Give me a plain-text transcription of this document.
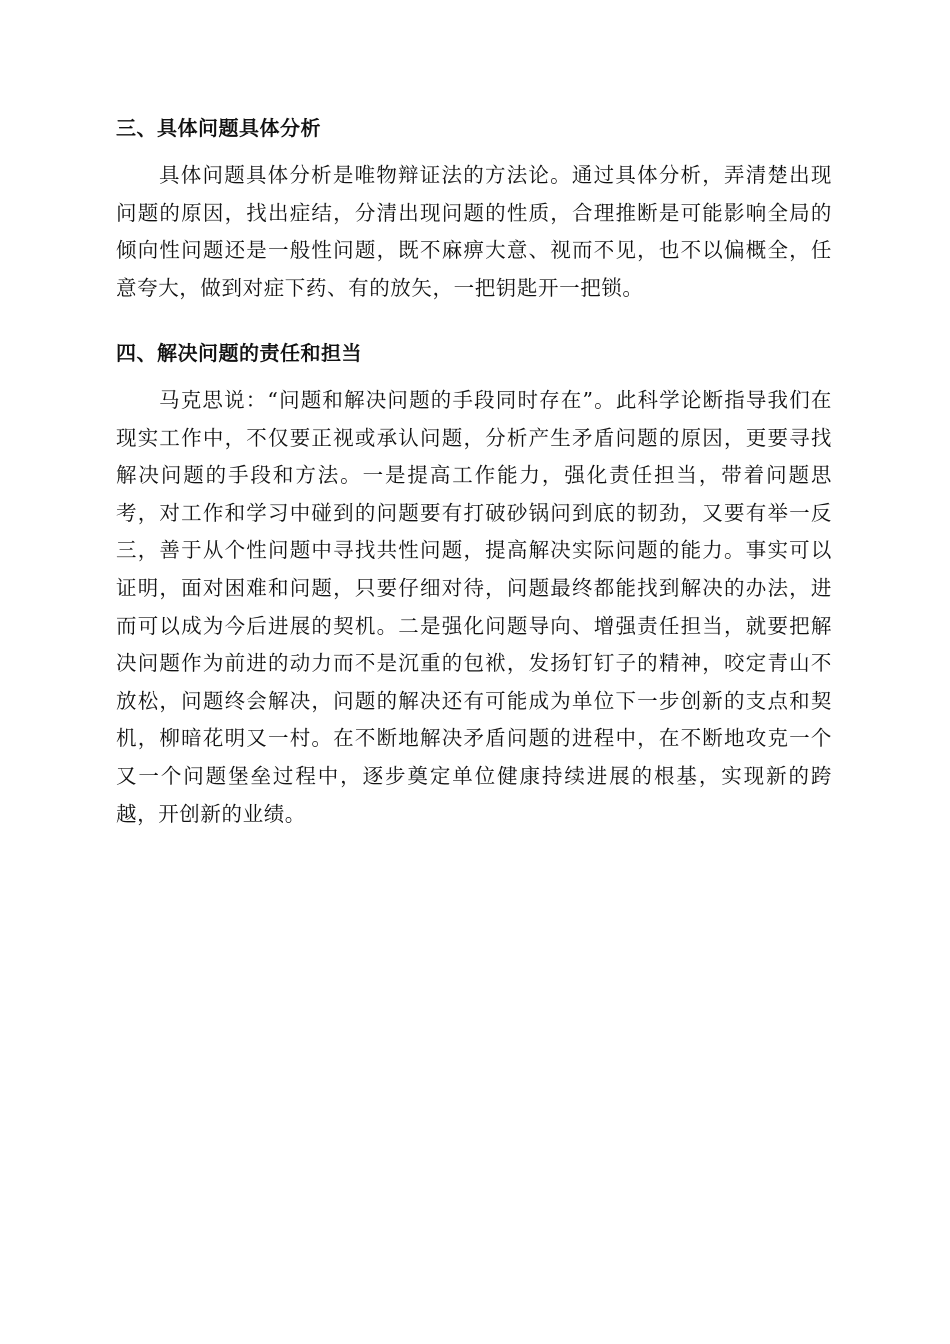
三、具体问题具体分析

具体问题具体分析是唯物辩证法的方法论。通过具体分析，弄清楚出现问题的原因，找出症结，分清出现问题的性质，合理推断是可能影响全局的倾向性问题还是一般性问题，既不麻痹大意、视而不见，也不以偏概全，任意夸大，做到对症下药、有的放矢，一把钥匙开一把锁。

四、解决问题的责任和担当

马克思说：“问题和解决问题的手段同时存在”。此科学论断指导我们在现实工作中，不仅要正视或承认问题，分析产生矛盾问题的原因，更要寻找解决问题的手段和方法。一是提高工作能力，强化责任担当，带着问题思考，对工作和学习中碰到的问题要有打破砂锅问到底的韧劲，又要有举一反三，善于从个性问题中寻找共性问题，提高解决实际问题的能力。事实可以证明，面对困难和问题，只要仔细对待，问题最终都能找到解决的办法，进而可以成为今后进展的契机。二是强化问题导向、增强责任担当，就要把解决问题作为前进的动力而不是沉重的包袱，发扬钉钉子的精神，咬定青山不放松，问题终会解决，问题的解决还有可能成为单位下一步创新的支点和契机，柳暗花明又一村。在不断地解决矛盾问题的进程中，在不断地攻克一个又一个问题堡垒过程中，逐步奠定单位健康持续进展的根基，实现新的跨越，开创新的业绩。
